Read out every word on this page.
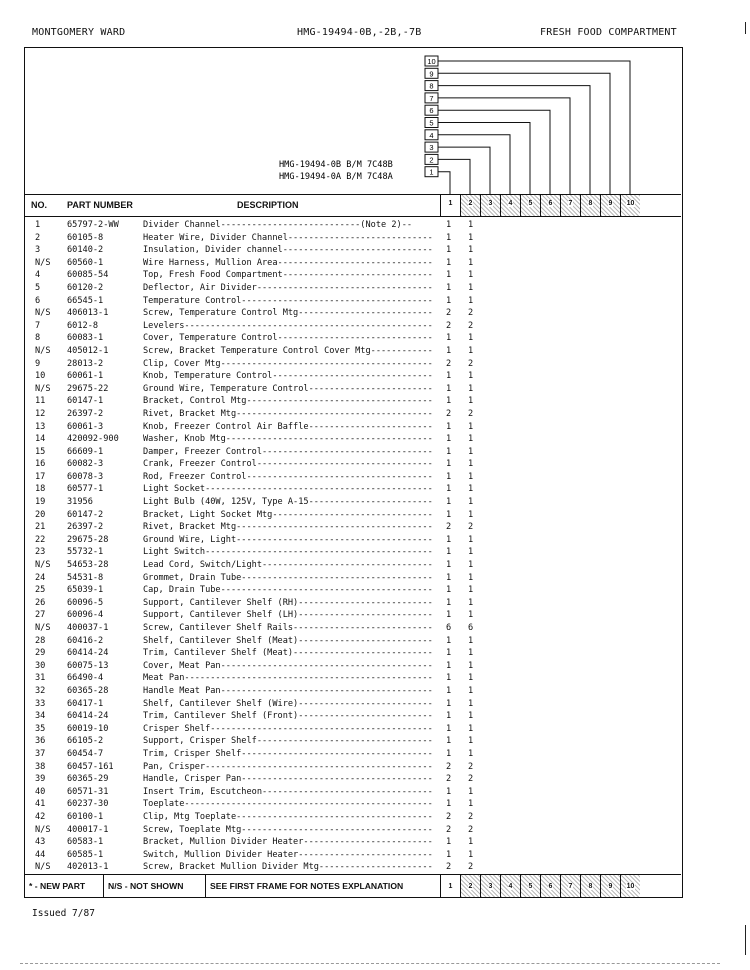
MONTGOMERY WARD	HMG-19494-0B,-2B,-7B	FRESH FOOD COMPARTMENT
10
9
8
7
6
5
4
3
2
1
HMG-19494-0B B/M 7C48B
HMG-19494-0A B/M 7C48A
NO. PART NUMBER	DESCRIPTION	1 2 3 4 5 6 7 8 9 10
1	65797-2-WW	Divider Channel---------------------------(Note 2)--	1 1
2	60105-8	Heater Wire, Divider Channel---------------------------- 1 1
3	60140-2	Insulation, Divider channel----------------------------- 1 1
N/S 60560-1	Wire Harness, Mullion Area------------------------------ 1 1
4	60085-54	Top, Fresh Food Compartment----------------------------- 1 1
5	60120-2	Deflector, Air Divider---------------------------------- 1 1
6	66545-1	Temperature Control------------------------------------- 1 1
N/S 406013-1	Screw, Temperature Control Mtg-------------------------- 2 2
7	6012-8	Levelers------------------------------------------------ 2 2
8	60083-1	Cover, Temperature Control------------------------------ 1 1
N/S 405012-1	Screw, Bracket Temperature Control Cover Mtg------------ 1 1
9	28013-2	Clip, Cover Mtg----------------------------------------- 2 2
10	60061-1	Knob, Temperature Control------------------------------- 1 1
N/S 29675-22	Ground Wire, Temperature Control------------------------ 1 1
11	60147-1	Bracket, Control Mtg------------------------------------ 1 1
12	26397-2	Rivet, Bracket Mtg-------------------------------------- 2 2
13	60061-3	Knob, Freezer Control Air Baffle------------------------ 1 1
14	420092-900	Washer, Knob Mtg---------------------------------------- 1 1
15	66609-1	Damper, Freezer Control--------------------------------- 1 1
16	60082-3	Crank, Freezer Control---------------------------------- 1 1
17	60078-3	Rod, Freezer Control------------------------------------ 1 1
18	60577-1	Light Socket-------------------------------------------- 1 1
19	31956	Light Bulb (40W, 125V, Type A-15------------------------ 1 1
20	60147-2	Bracket, Light Socket Mtg------------------------------- 1 1
21	26397-2	Rivet, Bracket Mtg-------------------------------------- 2 2
22	29675-28	Ground Wire, Light-------------------------------------- 1 1
23	55732-1	Light Switch-------------------------------------------- 1 1
N/S 54653-28	Lead Cord, Switch/Light--------------------------------- 1 1
24	54531-8	Grommet, Drain Tube------------------------------------- 1 1
25	65039-1	Cap, Drain Tube----------------------------------------- 1 1
26	60096-5	Support, Cantilever Shelf (RH)-------------------------- 1 1
27	60096-4	Support, Cantilever Shelf (LH)-------------------------- 1 1
N/S 400037-1	Screw, Cantilever Shelf Rails--------------------------- 6 6
28	60416-2	Shelf, Cantilever Shelf (Meat)-------------------------- 1 1
29	60414-24	Trim, Cantilever Shelf (Meat)--------------------------- 1 1
30	60075-13	Cover, Meat Pan----------------------------------------- 1 1
31	66490-4	Meat Pan------------------------------------------------ 1 1
32	60365-28	Handle Meat Pan----------------------------------------- 1 1
33	60417-1	Shelf, Cantilever Shelf (Wire)-------------------------- 1 1
34	60414-24	Trim, Cantilever Shelf (Front)-------------------------- 1 1
35	60019-10	Crisper Shelf------------------------------------------- 1 1
36	66105-2	Support, Crisper Shelf---------------------------------- 1 1
37	60454-7	Trim, Crisper Shelf------------------------------------- 1 1
38	60457-161	Pan, Crisper-------------------------------------------- 2 2
39	60365-29	Handle, Crisper Pan------------------------------------- 2 2
40	60571-31	Insert Trim, Escutcheon--------------------------------- 1 1
41	60237-30	Toeplate------------------------------------------------ 1 1
42	60100-1	Clip, Mtg Toeplate-------------------------------------- 2 2
N/S 400017-1	Screw, Toeplate Mtg------------------------------------- 2 2
43	60583-1	Bracket, Mullion Divider Heater------------------------- 1 1
44	60585-1	Switch, Mullion Divider Heater-------------------------- 1 1
N/S 402013-1	Screw, Bracket Mullion Divider Mtg---------------------- 2 2
* - NEW PART	N/S - NOT SHOWN	SEE FIRST FRAME FOR NOTES EXPLANATION	1 2 3 4 5 6 7 8 9 10
Issued 7/87
